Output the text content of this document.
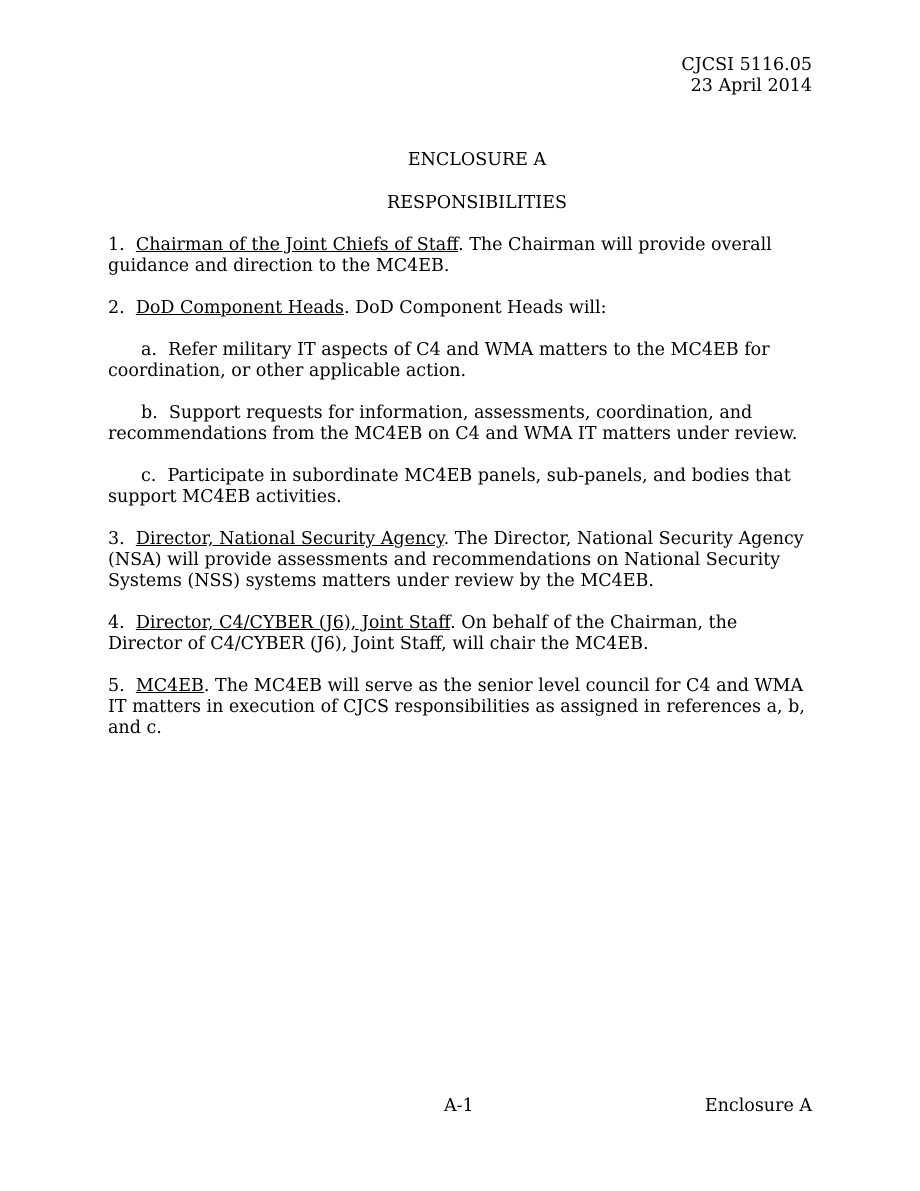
CJCSI 5116.05
23 April 2014
ENCLOSURE A
RESPONSIBILITIES

1. Chairman of the Joint Chiefs of Staff. The Chairman will provide overall guidance and direction to the MC4EB.

2. DoD Component Heads. DoD Component Heads will:

a. Refer military IT aspects of C4 and WMA matters to the MC4EB for coordination, or other applicable action.

b. Support requests for information, assessments, coordination, and recommendations from the MC4EB on C4 and WMA IT matters under review.

c. Participate in subordinate MC4EB panels, sub-panels, and bodies that support MC4EB activities.

3. Director, National Security Agency. The Director, National Security Agency (NSA) will provide assessments and recommendations on National Security Systems (NSS) systems matters under review by the MC4EB.

4. Director, C4/CYBER (J6), Joint Staff. On behalf of the Chairman, the Director of C4/CYBER (J6), Joint Staff, will chair the MC4EB.

5. MC4EB. The MC4EB will serve as the senior level council for C4 and WMA IT matters in execution of CJCS responsibilities as assigned in references a, b, and c.

A-1	Enclosure A
